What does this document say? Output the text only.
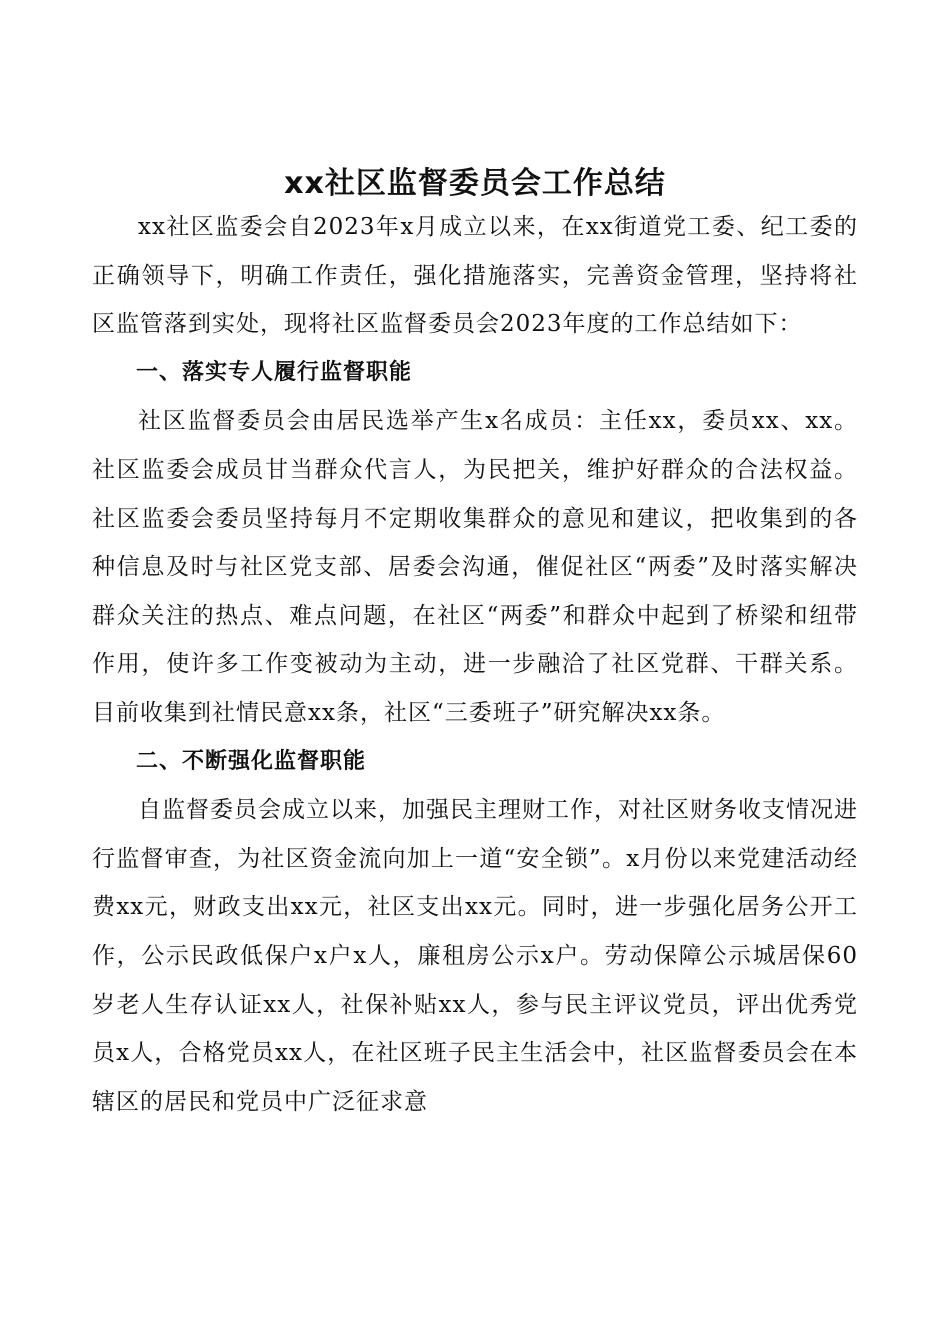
xx社区监督委员会工作总结

xx社区监委会自2023年x月成立以来，在xx街道党工委、纪工委的正确领导下，明确工作责任，强化措施落实，完善资金管理，坚持将社区监管落到实处，现将社区监督委员会2023年度的工作总结如下：

一、落实专人履行监督职能

社区监督委员会由居民选举产生x名成员：主任xx，委员xx、xx。社区监委会成员甘当群众代言人，为民把关，维护好群众的合法权益。社区监委会委员坚持每月不定期收集群众的意见和建议，把收集到的各种信息及时与社区党支部、居委会沟通，催促社区“两委”及时落实解决群众关注的热点、难点问题，在社区“两委”和群众中起到了桥梁和纽带作用，使许多工作变被动为主动，进一步融洽了社区党群、干群关系。目前收集到社情民意xx条，社区“三委班子”研究解决xx条。

二、不断强化监督职能

自监督委员会成立以来，加强民主理财工作，对社区财务收支情况进行监督审查，为社区资金流向加上一道“安全锁”。x月份以来党建活动经费xx元，财政支出xx元，社区支出xx元。同时，进一步强化居务公开工作，公示民政低保户x户x人，廉租房公示x户。劳动保障公示城居保60岁老人生存认证xx人，社保补贴xx人，参与民主评议党员，评出优秀党员x人，合格党员xx人，在社区班子民主生活会中，社区监督委员会在本辖区的居民和党员中广泛征求意
